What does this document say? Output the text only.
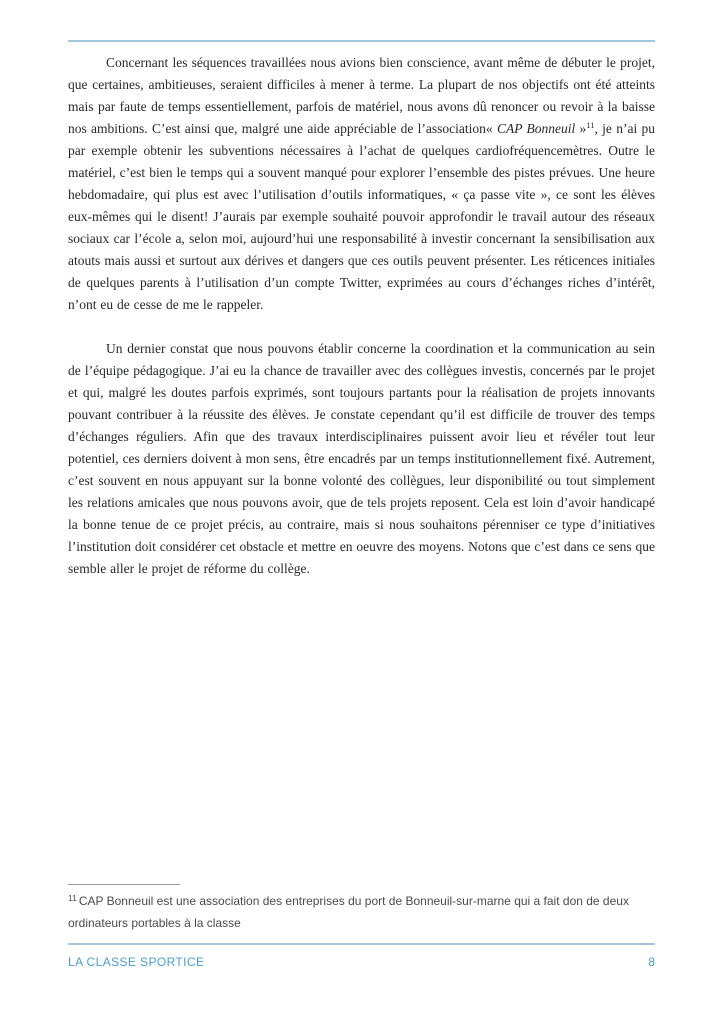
Concernant les séquences travaillées nous avions bien conscience, avant même de débuter le projet, que certaines, ambitieuses, seraient difficiles à mener à terme. La plupart de nos objectifs ont été atteints mais par faute de temps essentiellement, parfois de matériel, nous avons dû renoncer ou revoir à la baisse nos ambitions. C’est ainsi que, malgré une aide appréciable de l’association« CAP Bonneuil »$^{11}$, je n’ai pu par exemple obtenir les subventions nécessaires à l’achat de quelques cardiofréquencemètres. Outre le matériel, c’est bien le temps qui a souvent manqué pour explorer l’ensemble des pistes prévues. Une heure hebdomadaire, qui plus est avec l’utilisation d’outils informatiques, « ça passe vite », ce sont les élèves eux-mêmes qui le disent! J’aurais par exemple souhaité pouvoir approfondir le travail autour des réseaux sociaux car l’école a, selon moi, aujourd’hui une responsabilité à investir concernant la sensibilisation aux atouts mais aussi et surtout aux dérives et dangers que ces outils peuvent présenter. Les réticences initiales de quelques parents à l’utilisation d’un compte Twitter, exprimées au cours d’échanges riches d’intérêt, n’ont eu de cesse de me le rappeler.

Un dernier constat que nous pouvons établir concerne la coordination et la communication au sein de l’équipe pédagogique. J’ai eu la chance de travailler avec des collègues investis, concernés par le projet et qui, malgré les doutes parfois exprimés, sont toujours partants pour la réalisation de projets innovants pouvant contribuer à la réussite des élèves. Je constate cependant qu’il est difficile de trouver des temps d’échanges réguliers. Afin que des travaux interdisciplinaires puissent avoir lieu et révéler tout leur potentiel, ces derniers doivent à mon sens, être encadrés par un temps institutionnellement fixé. Autrement, c’est souvent en nous appuyant sur la bonne volonté des collègues, leur disponibilité ou tout simplement les relations amicales que nous pouvons avoir, que de tels projets reposent. Cela est loin d’avoir handicapé la bonne tenue de ce projet précis, au contraire, mais si nous souhaitons pérenniser ce type d’initiatives l’institution doit considérer cet obstacle et mettre en oeuvre des moyens. Notons que c’est dans ce sens que semble aller le projet de réforme du collège.

$^{11}$ CAP Bonneuil est une association des entreprises du port de Bonneuil-sur-marne qui a fait don de deux ordinateurs portables à la classe
LA CLASSE SPORTICE	8
